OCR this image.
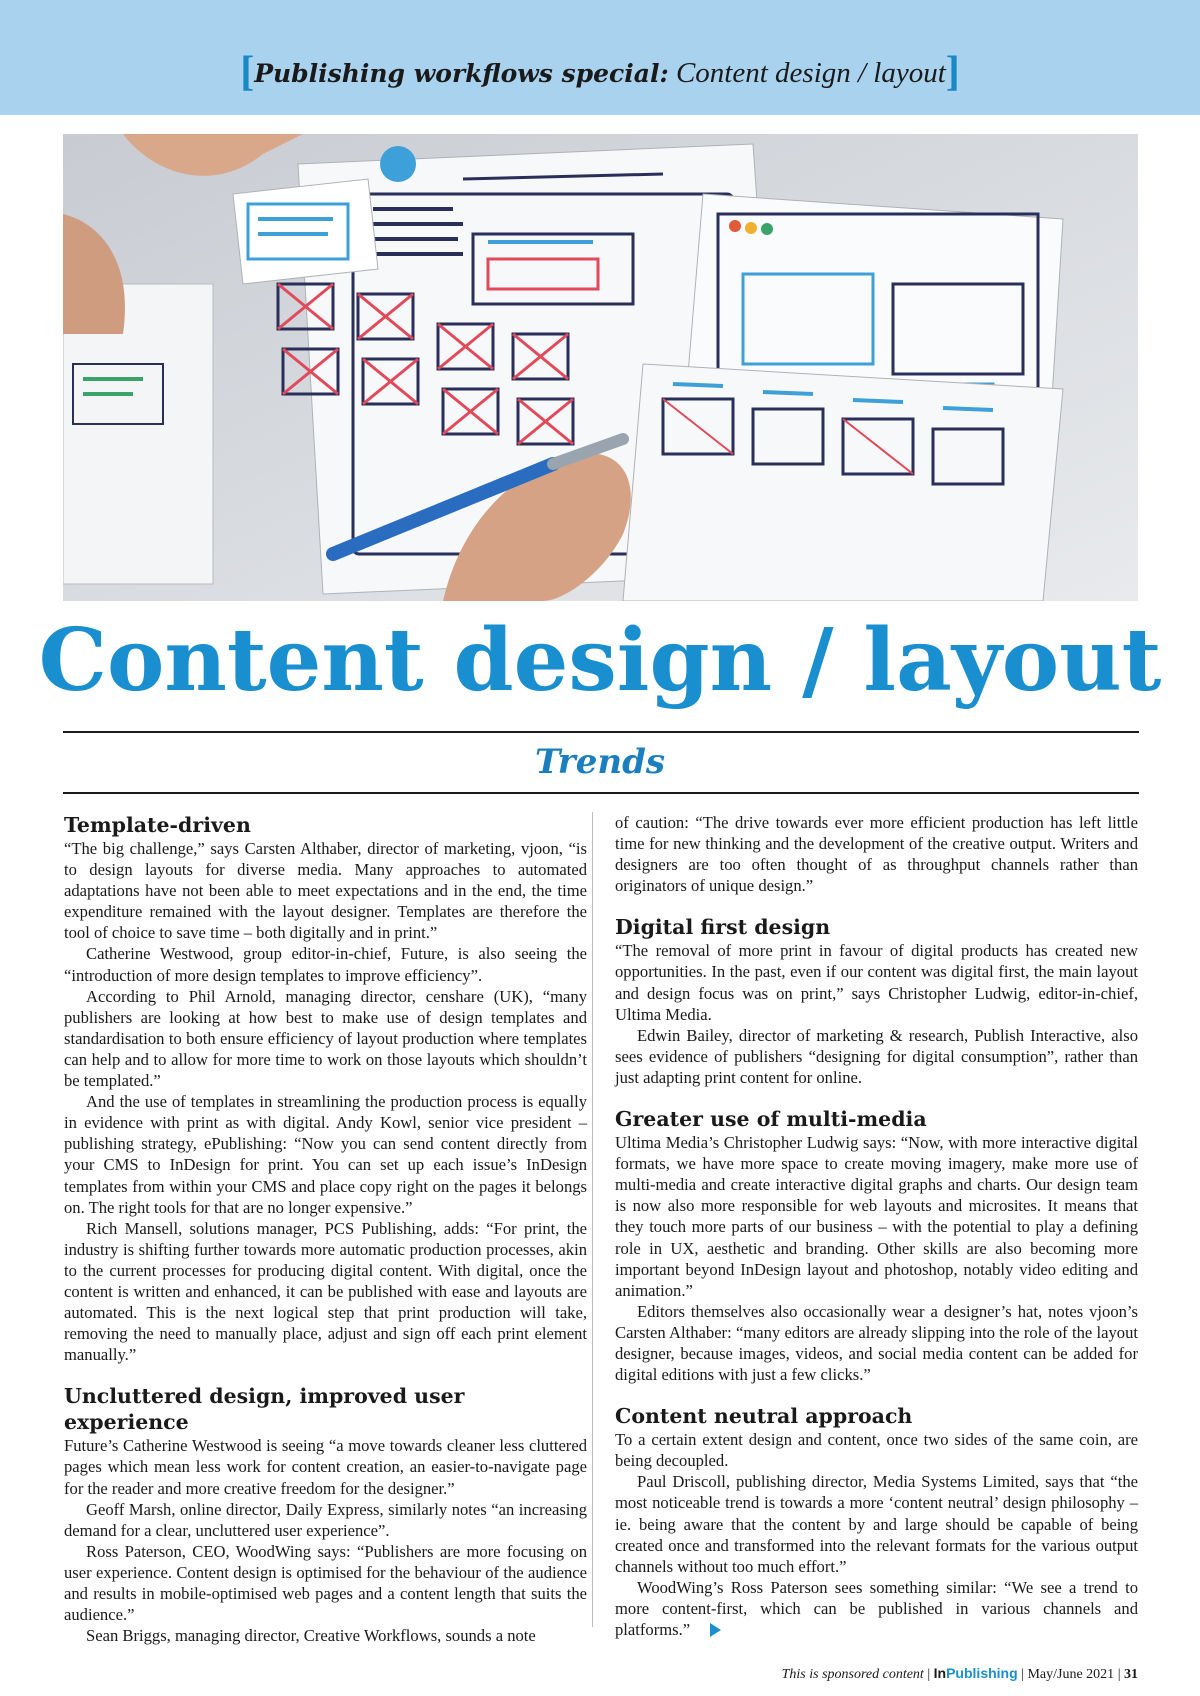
[Publishing workflows special: Content design / layout]
Content design / layout
Trends
Template-driven

“The big challenge,” says Carsten Althaber, director of marketing, vjoon, “is to design layouts for diverse media. Many approaches to automated adaptations have not been able to meet expectations and in the end, the time expenditure remained with the layout designer. Templates are therefore the tool of choice to save time – both digitally and in print.”

Catherine Westwood, group editor-in-chief, Future, is also seeing the “introduction of more design templates to improve efficiency”.

According to Phil Arnold, managing director, censhare (UK), “many publishers are looking at how best to make use of design templates and standardisation to both ensure efficiency of layout production where templates can help and to allow for more time to work on those layouts which shouldn’t be templated.”

And the use of templates in streamlining the production process is equally in evidence with print as with digital. Andy Kowl, senior vice president – publishing strategy, ePublishing: “Now you can send content directly from your CMS to InDesign for print. You can set up each issue’s InDesign templates from within your CMS and place copy right on the pages it belongs on. The right tools for that are no longer expensive.”

Rich Mansell, solutions manager, PCS Publishing, adds: “For print, the industry is shifting further towards more automatic production processes, akin to the current processes for producing digital content. With digital, once the content is written and enhanced, it can be published with ease and layouts are automated. This is the next logical step that print production will take, removing the need to manually place, adjust and sign off each print element manually.”

Uncluttered design, improved user experience

Future’s Catherine Westwood is seeing “a move towards cleaner less cluttered pages which mean less work for content creation, an easier-to-navigate page for the reader and more creative freedom for the designer.”

Geoff Marsh, online director, Daily Express, similarly notes “an increasing demand for a clear, uncluttered user experience”.

Ross Paterson, CEO, WoodWing says: “Publishers are more focusing on user experience. Content design is optimised for the behaviour of the audience and results in mobile-optimised web pages and a content length that suits the audience.”

Sean Briggs, managing director, Creative Workflows, sounds a note

of caution: “The drive towards ever more efficient production has left little time for new thinking and the development of the creative output. Writers and designers are too often thought of as throughput channels rather than originators of unique design.”

Digital first design

“The removal of more print in favour of digital products has created new opportunities. In the past, even if our content was digital first, the main layout and design focus was on print,” says Christopher Ludwig, editor-in-chief, Ultima Media.

Edwin Bailey, director of marketing & research, Publish Interactive, also sees evidence of publishers “designing for digital consumption”, rather than just adapting print content for online.

Greater use of multi-media

Ultima Media’s Christopher Ludwig says: “Now, with more interactive digital formats, we have more space to create moving imagery, make more use of multi-media and create interactive digital graphs and charts. Our design team is now also more responsible for web layouts and microsites. It means that they touch more parts of our business – with the potential to play a defining role in UX, aesthetic and branding. Other skills are also becoming more important beyond InDesign layout and photoshop, notably video editing and animation.”

Editors themselves also occasionally wear a designer’s hat, notes vjoon’s Carsten Althaber: “many editors are already slipping into the role of the layout designer, because images, videos, and social media content can be added for digital editions with just a few clicks.”

Content neutral approach

To a certain extent design and content, once two sides of the same coin, are being decoupled.

Paul Driscoll, publishing director, Media Systems Limited, says that “the most noticeable trend is towards a more ‘content neutral’ design philosophy – ie. being aware that the content by and large should be capable of being created once and transformed into the relevant formats for the various output channels without too much effort.”

WoodWing’s Ross Paterson sees something similar: “We see a trend to more content-first, which can be published in various channels and platforms.”

This is sponsored content | InPublishing | May/June 2021 | 31
